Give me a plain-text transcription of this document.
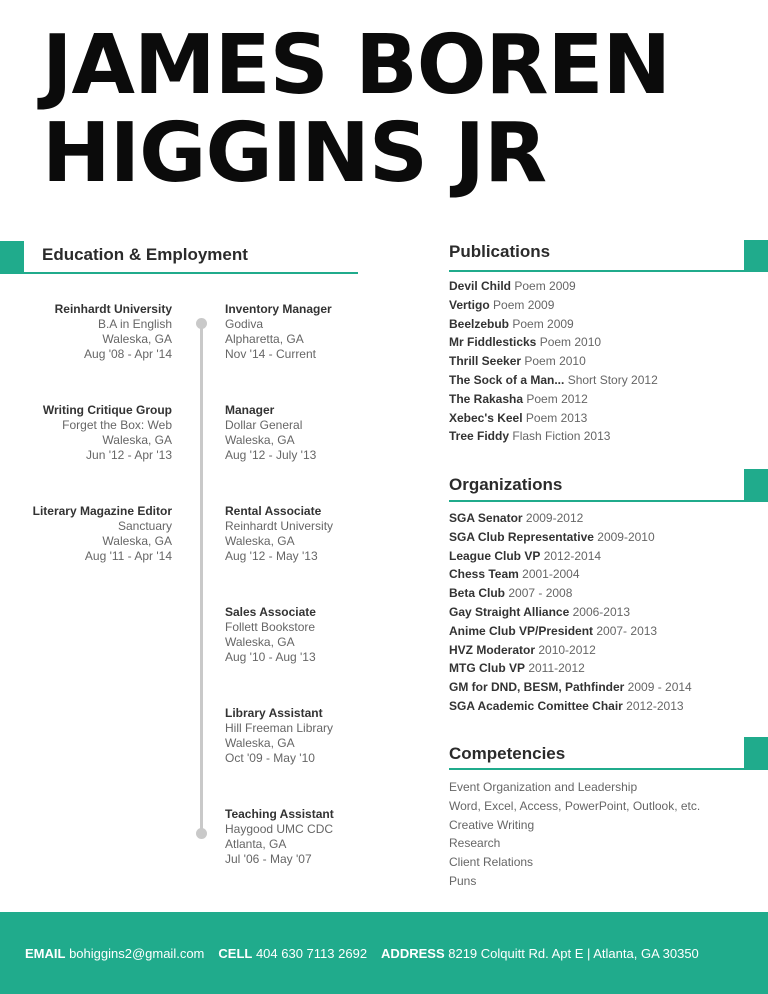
JAMES BOREN
HIGGINS JR
Education & Employment
Reinhardt University
B.A in English
Waleska, GA
Aug '08 - Apr '14
Writing Critique Group
Forget the Box: Web
Waleska, GA
Jun '12 - Apr '13
Literary Magazine Editor
Sanctuary
Waleska, GA
Aug '11 - Apr '14
Inventory Manager
Godiva
Alpharetta, GA
Nov '14 - Current
Manager
Dollar General
Waleska, GA
Aug '12 - July '13
Rental Associate
Reinhardt University
Waleska, GA
Aug '12 - May '13
Sales Associate
Follett Bookstore
Waleska, GA
Aug '10 - Aug '13
Library Assistant
Hill Freeman Library
Waleska, GA
Oct '09 - May '10
Teaching Assistant
Haygood UMC CDC
Atlanta, GA
Jul '06 - May '07
Publications
Devil Child Poem 2009
Vertigo Poem 2009
Beelzebub Poem 2009
Mr Fiddlesticks Poem 2010
Thrill Seeker Poem 2010
The Sock of a Man... Short Story 2012
The Rakasha Poem 2012
Xebec's Keel Poem 2013
Tree Fiddy Flash Fiction 2013
Organizations
SGA Senator 2009-2012
SGA Club Representative 2009-2010
League Club VP 2012-2014
Chess Team 2001-2004
Beta Club 2007 - 2008
Gay Straight Alliance 2006-2013
Anime Club VP/President 2007- 2013
HVZ Moderator 2010-2012
MTG Club VP 2011-2012
GM for DND, BESM, Pathfinder 2009 - 2014
SGA Academic Comittee Chair 2012-2013
Competencies
Event Organization and Leadership
Word, Excel, Access, PowerPoint, Outlook, etc.
Creative Writing
Research
Client Relations
Puns
EMAIL bohiggins2@gmail.com CELL 404 630 7113 2692 ADDRESS 8219 Colquitt Rd. Apt E | Atlanta, GA 30350
